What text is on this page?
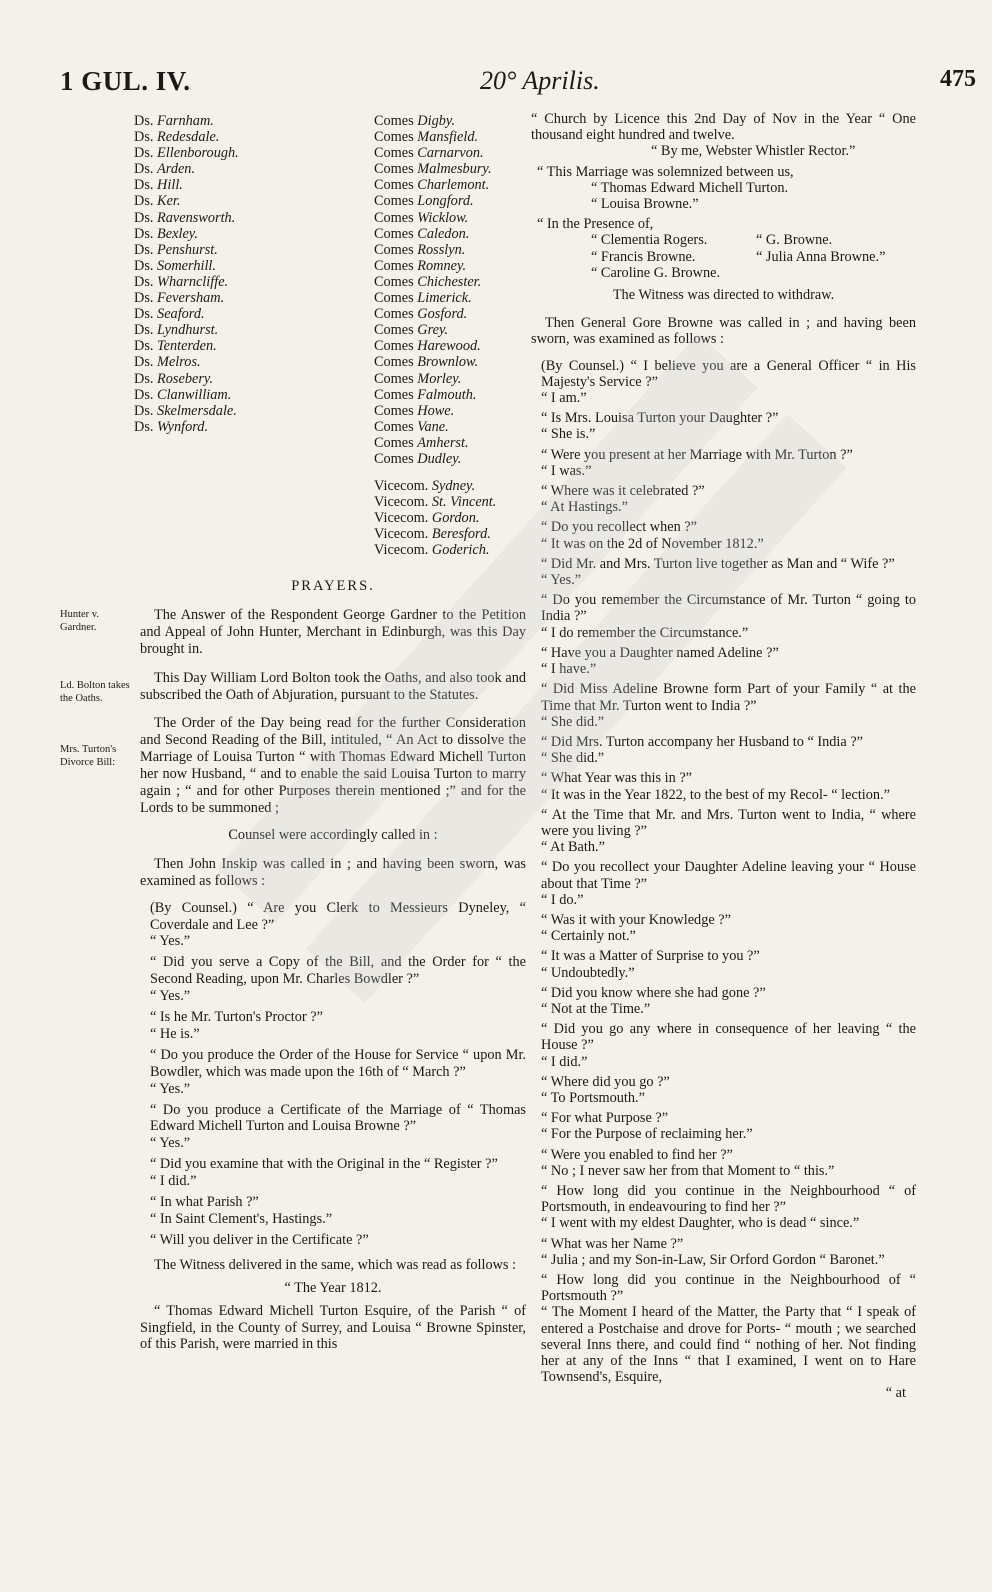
1 GUL. IV.	20° Aprilis.	475
Ds. Farnham.
Ds. Redesdale.
Ds. Ellenborough.
Ds. Arden.
Ds. Hill.
Ds. Ker.
Ds. Ravensworth.
Ds. Bexley.
Ds. Penshurst.
Ds. Somerhill.
Ds. Wharncliffe.
Ds. Feversham.
Ds. Seaford.
Ds. Lyndhurst.
Ds. Tenterden.
Ds. Melros.
Ds. Rosebery.
Ds. Clanwilliam.
Ds. Skelmersdale.
Ds. Wynford.
Comes Digby.
Comes Mansfield.
Comes Carnarvon.
Comes Malmesbury.
Comes Charlemont.
Comes Longford.
Comes Wicklow.
Comes Caledon.
Comes Rosslyn.
Comes Romney.
Comes Chichester.
Comes Limerick.
Comes Gosford.
Comes Grey.
Comes Harewood.
Comes Brownlow.
Comes Morley.
Comes Falmouth.
Comes Howe.
Comes Vane.
Comes Amherst.
Comes Dudley.
Vicecom. Sydney.
Vicecom. St. Vincent.
Vicecom. Gordon.
Vicecom. Beresford.
Vicecom. Goderich.
Hunter v. Gardner.
Ld. Bolton takes the Oaths.
Mrs. Turton's Divorce Bill:

PRAYERS.

The Answer of the Respondent George Gardner to the Petition and Appeal of John Hunter, Merchant in Edinburgh, was this Day brought in.

This Day William Lord Bolton took the Oaths, and also took and subscribed the Oath of Abjuration, pursuant to the Statutes.

The Order of the Day being read for the further Consideration and Second Reading of the Bill, intituled, “ An Act to dissolve the Marriage of Louisa Turton “ with Thomas Edward Michell Turton her now Husband, “ and to enable the said Louisa Turton to marry again ; “ and for other Purposes therein mentioned ;” and for the Lords to be summoned ;

Counsel were accordingly called in :

Then John Inskip was called in ; and having been sworn, was examined as follows :

(By Counsel.) “ Are you Clerk to Messieurs Dyneley, “ Coverdale and Lee ?”

“ Yes.”

“ Did you serve a Copy of the Bill, and the Order for “ the Second Reading, upon Mr. Charles Bowdler ?”

“ Yes.”

“ Is he Mr. Turton's Proctor ?”

“ He is.”

“ Do you produce the Order of the House for Service “ upon Mr. Bowdler, which was made upon the 16th of “ March ?”

“ Yes.”

“ Do you produce a Certificate of the Marriage of “ Thomas Edward Michell Turton and Louisa Browne ?”

“ Yes.”

“ Did you examine that with the Original in the “ Register ?”

“ I did.”

“ In what Parish ?”

“ In Saint Clement's, Hastings.”

“ Will you deliver in the Certificate ?”

The Witness delivered in the same, which was read as follows :

“ The Year 1812.

“ Thomas Edward Michell Turton Esquire, of the Parish “ of Singfield, in the County of Surrey, and Louisa “ Browne Spinster, of this Parish, were married in this

“ Church by Licence this 2nd Day of Nov in the Year “ One thousand eight hundred and twelve.

“ By me, Webster Whistler Rector.”

“ This Marriage was solemnized between us,

“ Thomas Edward Michell Turton.

“ Louisa Browne.”

“ In the Presence of,

“ Clementia Rogers.	“ G. Browne.
“ Francis Browne.	“ Julia Anna Browne.”
“ Caroline G. Browne.

The Witness was directed to withdraw.

Then General Gore Browne was called in ; and having been sworn, was examined as follows :

(By Counsel.) “ I believe you are a General Officer “ in His Majesty's Service ?”

“ I am.”

“ Is Mrs. Louisa Turton your Daughter ?”

“ She is.”

“ Were you present at her Marriage with Mr. Turton ?”

“ I was.”

“ Where was it celebrated ?”

“ At Hastings.”

“ Do you recollect when ?”

“ It was on the 2d of November 1812.”

“ Did Mr. and Mrs. Turton live together as Man and “ Wife ?”

“ Yes.”

“ Do you remember the Circumstance of Mr. Turton “ going to India ?”

“ I do remember the Circumstance.”

“ Have you a Daughter named Adeline ?”

“ I have.”

“ Did Miss Adeline Browne form Part of your Family “ at the Time that Mr. Turton went to India ?”

“ She did.”

“ Did Mrs. Turton accompany her Husband to “ India ?”

“ She did.”

“ What Year was this in ?”

“ It was in the Year 1822, to the best of my Recol- “ lection.”

“ At the Time that Mr. and Mrs. Turton went to India, “ where were you living ?”

“ At Bath.”

“ Do you recollect your Daughter Adeline leaving your “ House about that Time ?”

“ I do.”

“ Was it with your Knowledge ?”

“ Certainly not.”

“ It was a Matter of Surprise to you ?”

“ Undoubtedly.”

“ Did you know where she had gone ?”

“ Not at the Time.”

“ Did you go any where in consequence of her leaving “ the House ?”

“ I did.”

“ Where did you go ?”

“ To Portsmouth.”

“ For what Purpose ?”

“ For the Purpose of reclaiming her.”

“ Were you enabled to find her ?”

“ No ; I never saw her from that Moment to “ this.”

“ How long did you continue in the Neighbourhood “ of Portsmouth, in endeavouring to find her ?”

“ I went with my eldest Daughter, who is dead “ since.”

“ What was her Name ?”

“ Julia ; and my Son-in-Law, Sir Orford Gordon “ Baronet.”

“ How long did you continue in the Neighbourhood of “ Portsmouth ?”

“ The Moment I heard of the Matter, the Party that “ I speak of entered a Postchaise and drove for Ports- “ mouth ; we searched several Inns there, and could find “ nothing of her. Not finding her at any of the Inns “ that I examined, I went on to Hare Townsend's, Esquire,

“ at
